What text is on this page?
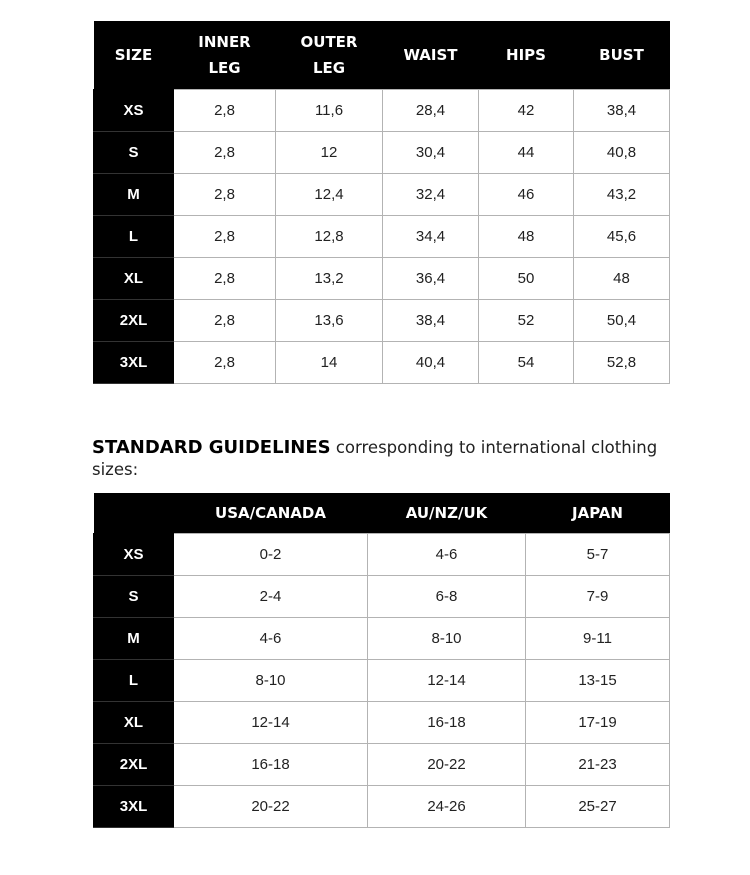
SIZE	INNER LEG	OUTER LEG	WAIST	HIPS	BUST
XS	2,8	11,6	28,4	42	38,4
S	2,8	12	30,4	44	40,8
M	2,8	12,4	32,4	46	43,2
L	2,8	12,8	34,4	48	45,6
XL	2,8	13,2	36,4	50	48
2XL	2,8	13,6	38,4	52	50,4
3XL	2,8	14	40,4	54	52,8
STANDARD GUIDELINES corresponding to international clothing sizes:
	USA/CANADA	AU/NZ/UK	JAPAN
XS	0-2	4-6	5-7
S	2-4	6-8	7-9
M	4-6	8-10	9-11
L	8-10	12-14	13-15
XL	12-14	16-18	17-19
2XL	16-18	20-22	21-23
3XL	20-22	24-26	25-27
